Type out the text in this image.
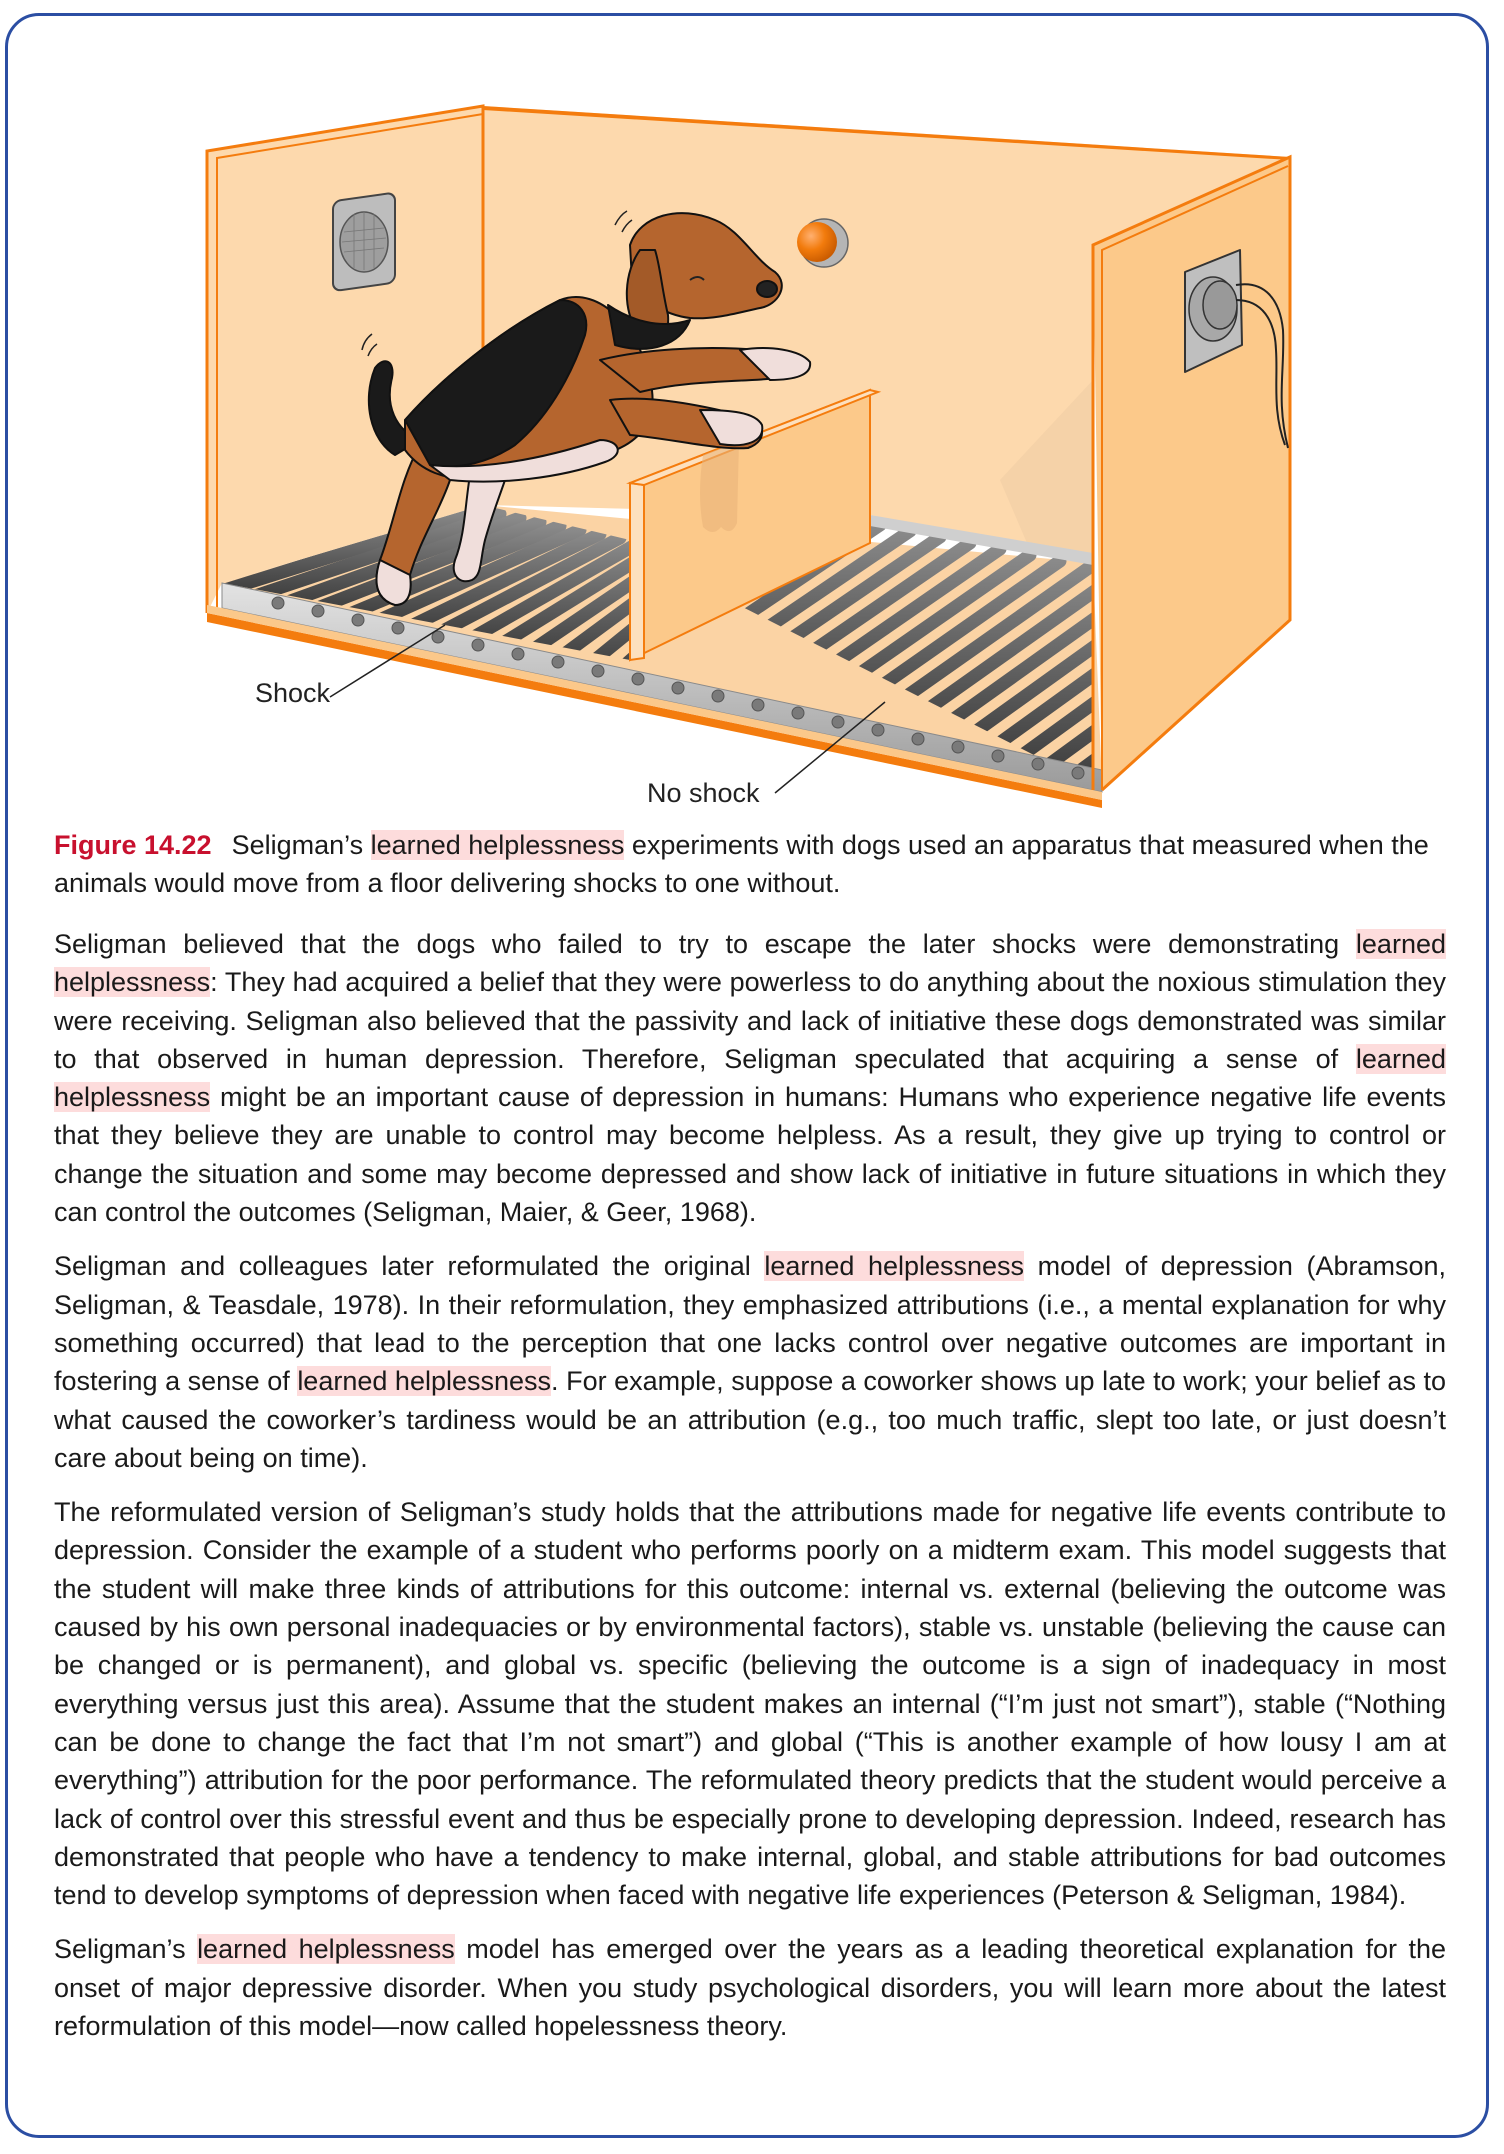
Shock
No shock
Figure 14.22 Seligman’s learned helplessness experiments with dogs used an apparatus that measured when the animals would move from a floor delivering shocks to one without.

Seligman believed that the dogs who failed to try to escape the later shocks were demonstrating learned helplessness: They had acquired a belief that they were powerless to do anything about the noxious stimulation they were receiving. Seligman also believed that the passivity and lack of initiative these dogs demonstrated was similar to that observed in human depression. Therefore, Seligman speculated that acquiring a sense of learned helplessness might be an important cause of depression in humans: Humans who experience negative life events that they believe they are unable to control may become helpless. As a result, they give up trying to control or change the situation and some may become depressed and show lack of initiative in future situations in which they can control the outcomes (Seligman, Maier, & Geer, 1968).

Seligman and colleagues later reformulated the original learned helplessness model of depression (Abramson, Seligman, & Teasdale, 1978). In their reformulation, they emphasized attributions (i.e., a mental explanation for why something occurred) that lead to the perception that one lacks control over negative outcomes are important in fostering a sense of learned helplessness. For example, suppose a coworker shows up late to work; your belief as to what caused the coworker’s tardiness would be an attribution (e.g., too much traffic, slept too late, or just doesn’t care about being on time).

The reformulated version of Seligman’s study holds that the attributions made for negative life events contribute to depression. Consider the example of a student who performs poorly on a midterm exam. This model suggests that the student will make three kinds of attributions for this outcome: internal vs. external (believing the outcome was caused by his own personal inadequacies or by environmental factors), stable vs. unstable (believing the cause can be changed or is permanent), and global vs. specific (believing the outcome is a sign of inadequacy in most everything versus just this area). Assume that the student makes an internal (“I’m just not smart”), stable (“Nothing can be done to change the fact that I’m not smart”) and global (“This is another example of how lousy I am at everything”) attribution for the poor performance. The reformulated theory predicts that the student would perceive a lack of control over this stressful event and thus be especially prone to developing depression. Indeed, research has demonstrated that people who have a tendency to make internal, global, and stable attributions for bad outcomes tend to develop symptoms of depression when faced with negative life experiences (Peterson & Seligman, 1984).

Seligman’s learned helplessness model has emerged over the years as a leading theoretical explanation for the onset of major depressive disorder. When you study psychological disorders, you will learn more about the latest reformulation of this model—now called hopelessness theory.
